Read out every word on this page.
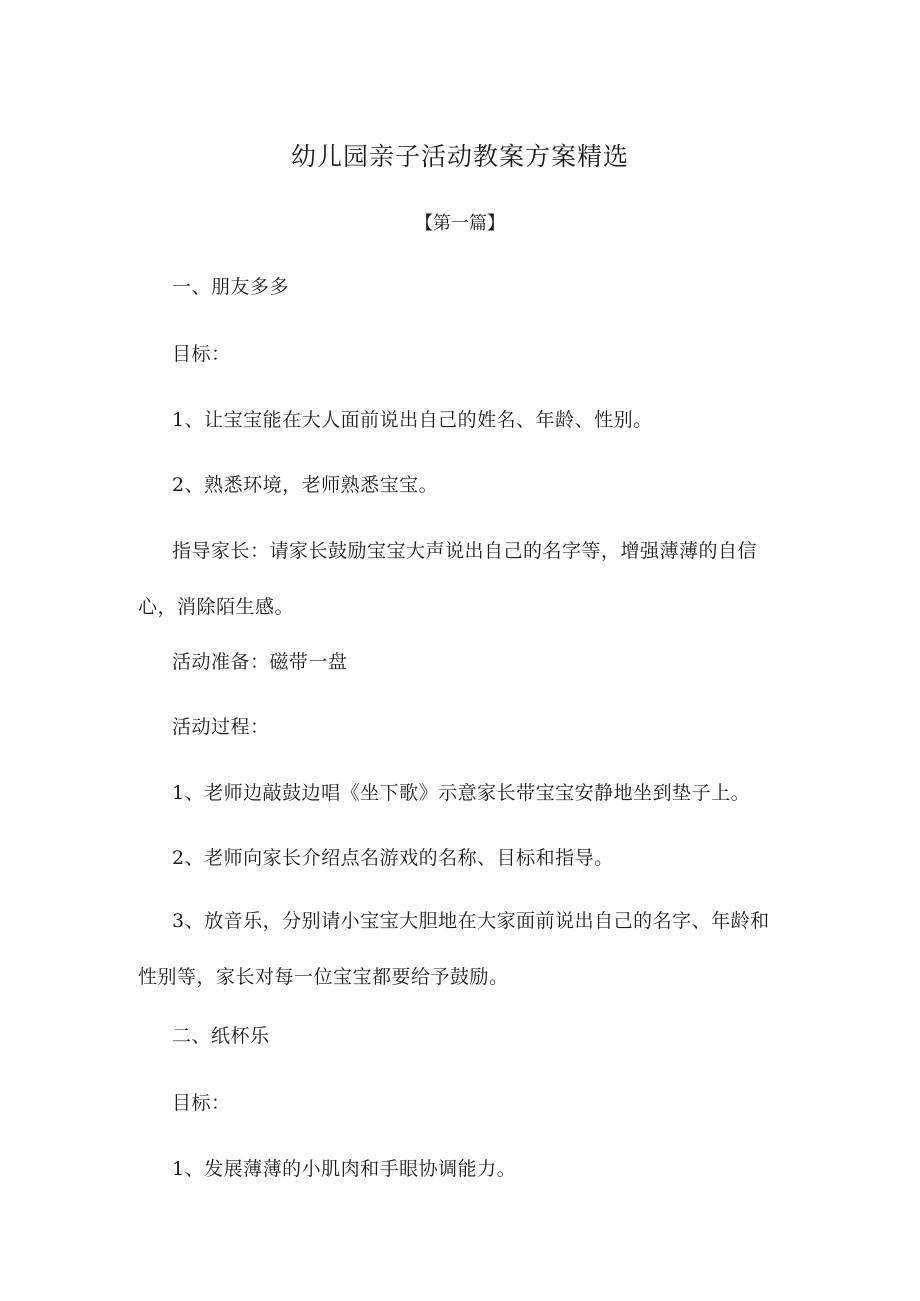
幼儿园亲子活动教案方案精选
【第一篇】
一、朋友多多
目标：
1、让宝宝能在大人面前说出自己的姓名、年龄、性别。
2、熟悉环境，老师熟悉宝宝。
指导家长：请家长鼓励宝宝大声说出自己的名字等，增强薄薄的自信心，消除陌生感。
活动准备：磁带一盘
活动过程：
1、老师边敲鼓边唱《坐下歌》示意家长带宝宝安静地坐到垫子上。
2、老师向家长介绍点名游戏的名称、目标和指导。
3、放音乐，分别请小宝宝大胆地在大家面前说出自己的名字、年龄和性别等，家长对每一位宝宝都要给予鼓励。
二、纸杯乐
目标：
1、发展薄薄的小肌肉和手眼协调能力。
